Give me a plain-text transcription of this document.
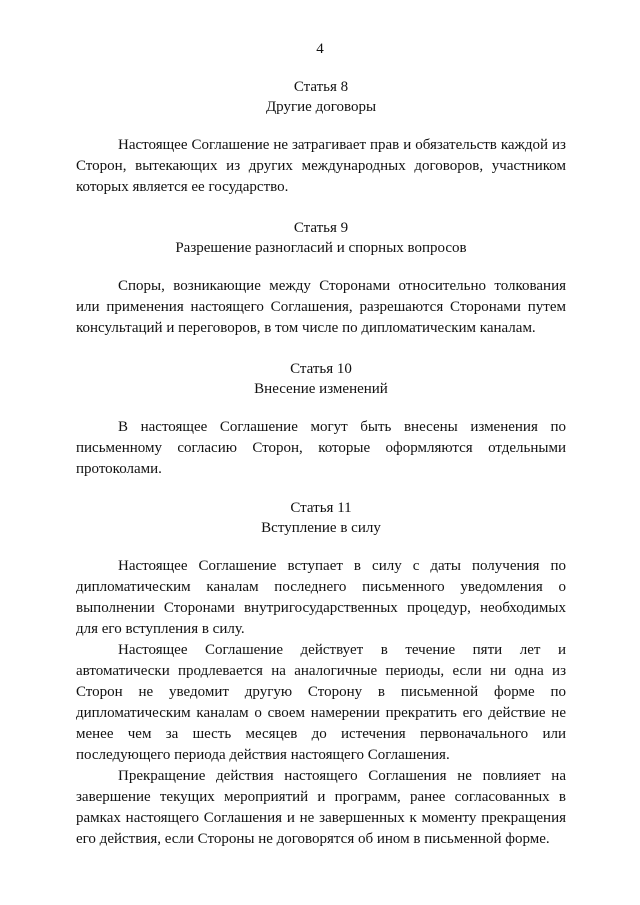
4
Статья 8
Другие договоры

Настоящее Соглашение не затрагивает прав и обязательств каждой из Сторон, вытекающих из других международных договоров, участником которых является ее государство.

Статья 9
Разрешение разногласий и спорных вопросов

Споры, возникающие между Сторонами относительно толкования или применения настоящего Соглашения, разрешаются Сторонами путем консультаций и переговоров, в том числе по дипломатическим каналам.

Статья 10
Внесение изменений

В настоящее Соглашение могут быть внесены изменения по письменному согласию Сторон, которые оформляются отдельными протоколами.

Статья 11
Вступление в силу

Настоящее Соглашение вступает в силу с даты получения по дипломатическим каналам последнего письменного уведомления о выполнении Сторонами внутригосударственных процедур, необходимых для его вступления в силу.

Настоящее Соглашение действует в течение пяти лет и автоматически продлевается на аналогичные периоды, если ни одна из Сторон не уведомит другую Сторону в письменной форме по дипломатическим каналам о своем намерении прекратить его действие не менее чем за шесть месяцев до истечения первоначального или последующего периода действия настоящего Соглашения.

Прекращение действия настоящего Соглашения не повлияет на завершение текущих мероприятий и программ, ранее согласованных в рамках настоящего Соглашения и не завершенных к моменту прекращения его действия, если Стороны не договорятся об ином в письменной форме.
